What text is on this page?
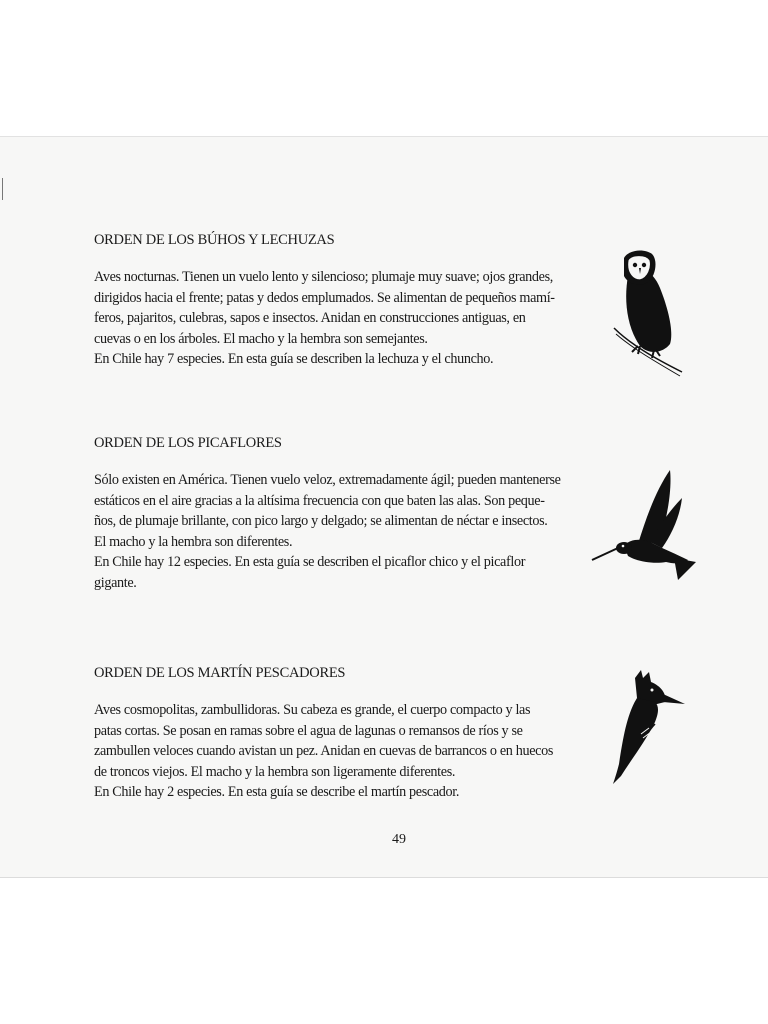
ORDEN DE LOS BÚHOS Y LECHUZAS
Aves nocturnas. Tienen un vuelo lento y silencioso; plumaje muy suave; ojos grandes,
dirigidos hacia el frente; patas y dedos emplumados. Se alimentan de pequeños mamí-
feros, pajaritos, culebras, sapos e insectos. Anidan en construcciones antiguas, en
cuevas o en los árboles. El macho y la hembra son semejantes.
En Chile hay 7 especies. En esta guía se describen la lechuza y el chuncho.
ORDEN DE LOS PICAFLORES
Sólo existen en América. Tienen vuelo veloz, extremadamente ágil; pueden mantenerse
estáticos en el aire gracias a la altísima frecuencia con que baten las alas. Son peque-
ños, de plumaje brillante, con pico largo y delgado; se alimentan de néctar e insectos.
El macho y la hembra son diferentes.
En Chile hay 12 especies. En esta guía se describen el picaflor chico y el picaflor
gigante.
ORDEN DE LOS MARTÍN PESCADORES
Aves cosmopolitas, zambullidoras. Su cabeza es grande, el cuerpo compacto y las
patas cortas. Se posan en ramas sobre el agua de lagunas o remansos de ríos y se
zambullen veloces cuando avistan un pez. Anidan en cuevas de barrancos o en huecos
de troncos viejos. El macho y la hembra son ligeramente diferentes.
En Chile hay 2 especies. En esta guía se describe el martín pescador.
49
